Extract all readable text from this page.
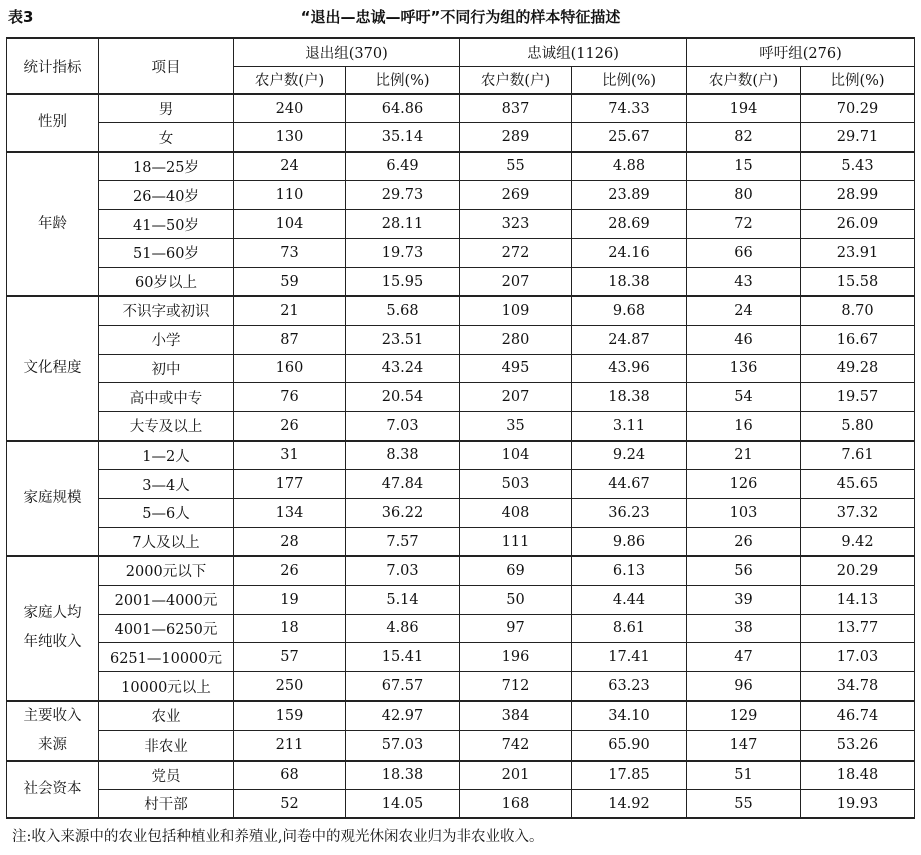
表3	“退出—忠诚—呼吁”不同行为组的样本特征描述
统计指标	项目	退出组(370)		忠诚组(1126)		呼吁组(276)	
		农户数(户)	比例(%)	农户数(户)	比例(%)	农户数(户)	比例(%)
性别	男	240	64.86	837	74.33	194	70.29
	女	130	35.14	289	25.67	82	29.71
年龄	18—25岁	24	6.49	55	4.88	15	5.43
	26—40岁	110	29.73	269	23.89	80	28.99
	41—50岁	104	28.11	323	28.69	72	26.09
	51—60岁	73	19.73	272	24.16	66	23.91
	60岁以上	59	15.95	207	18.38	43	15.58
文化程度	不识字或初识	21	5.68	109	9.68	24	8.70
	小学	87	23.51	280	24.87	46	16.67
	初中	160	43.24	495	43.96	136	49.28
	高中或中专	76	20.54	207	18.38	54	19.57
	大专及以上	26	7.03	35	3.11	16	5.80
家庭规模	1—2人	31	8.38	104	9.24	21	7.61
	3—4人	177	47.84	503	44.67	126	45.65
	5—6人	134	36.22	408	36.23	103	37.32
	7人及以上	28	7.57	111	9.86	26	9.42

家庭人均
年纯收入	2000元以下	26	7.03	69	6.13	56	20.29
	2001—4000元	19	5.14	50	4.44	39	14.13
	4001—6250元	18	4.86	97	8.61	38	13.77
	6251—10000元	57	15.41	196	17.41	47	17.03
	10000元以上	250	67.57	712	63.23	96	34.78

主要收入
来源	农业	159	42.97	384	34.10	129	46.74
	非农业	211	57.03	742	65.90	147	53.26
社会资本	党员	68	18.38	201	17.85	51	18.48
	村干部	52	14.05	168	14.92	55	19.93
注:收入来源中的农业包括种植业和养殖业,问卷中的观光休闲农业归为非农业收入。
